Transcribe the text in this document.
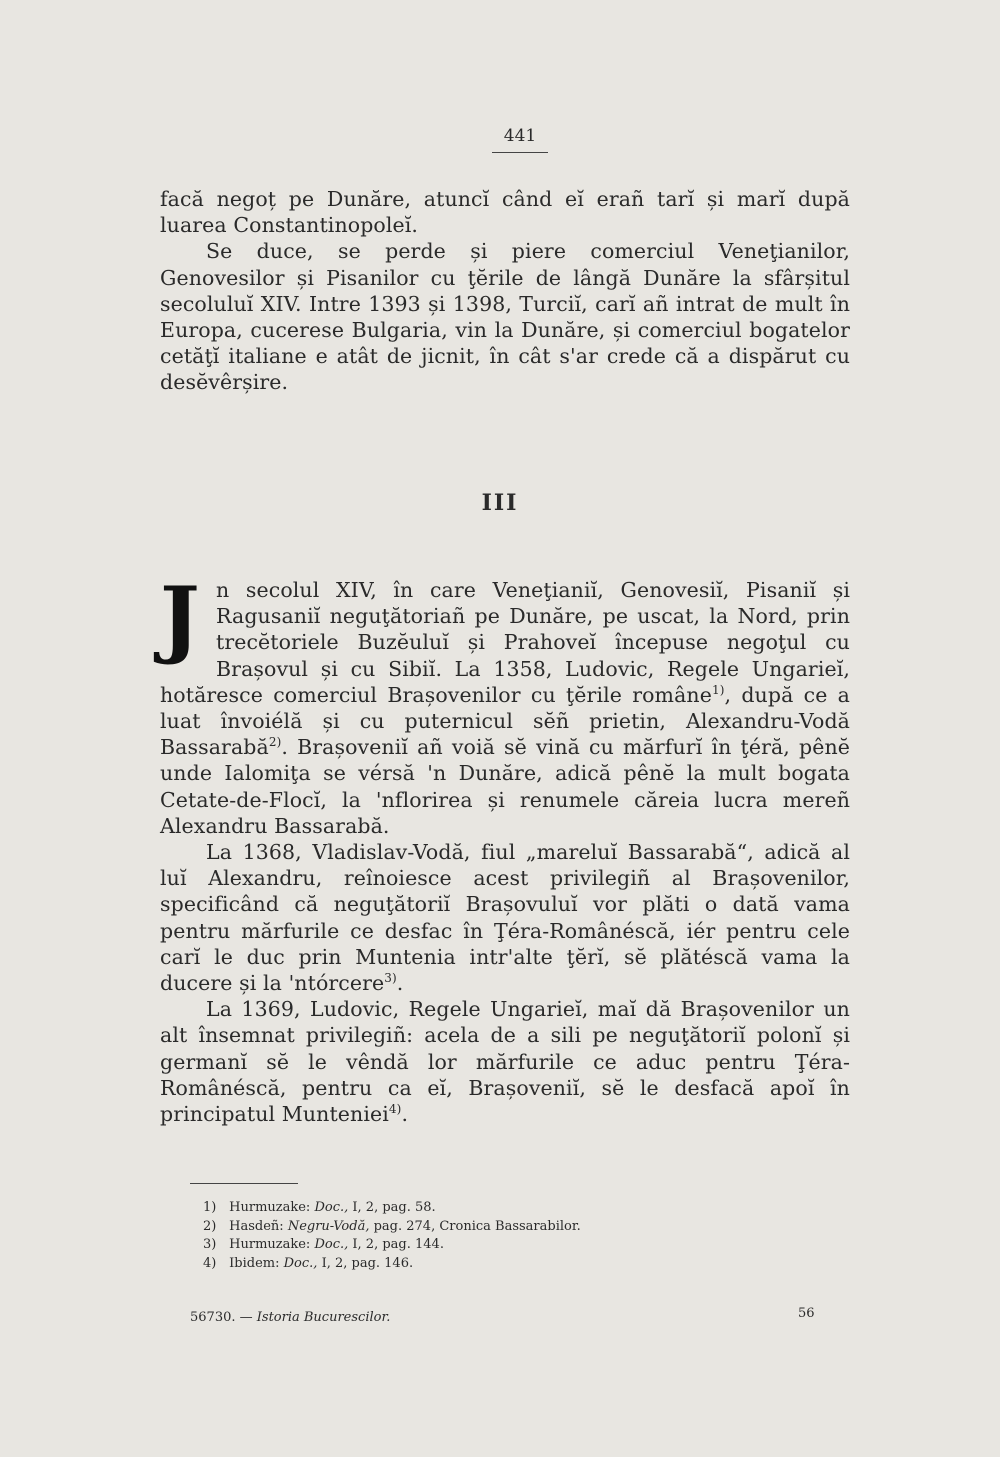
441

facă negoț pe Dunăre, atuncĭ când eĭ erañ tarĭ și marĭ după luarea Constantinopoleĭ.

Se duce, se perde și piere comerciul Veneţianilor, Genovesilor și Pisanilor cu ţĕrile de lângă Dunăre la sfârșitul secoluluĭ XIV. Intre 1393 și 1398, Turciĭ, carĭ añ intrat de mult în Europa, cucerese Bulgaria, vin la Dunăre, și comerciul bogatelor cetăţĭ italiane e atât de jicnit, în cât s'ar crede că a dispărut cu desĕvêrșire.

III
J n secolul XIV, în care Veneţianiĭ, Genovesiĭ, Pisaniĭ și Ragusaniĭ neguţătoriañ pe Dunăre, pe uscat, la Nord, prin trecĕtoriele Buzĕuluĭ și Prahoveĭ începuse negoţul cu Brașovul și cu Sibiĭ. La 1358, Ludovic, Regele Ungarieĭ, hotăresce comerciul Brașovenilor cu ţĕrile române$^{1)}$, după ce a luat învoiélă și cu puternicul sĕñ prietin, Alexandru-Vodă Bassarabă$^{2)}$. Brașoveniĭ añ voiă sĕ vină cu mărfurĭ în ţéră, pênĕ unde Ialomiţa se vérsă 'n Dunăre, adică pênĕ la mult bogata Cetate-de-Flocĭ, la 'nflorirea și renumele căreia lucra mereñ Alexandru Bassarabă.

La 1368, Vladislav-Vodă, fiul „mareluĭ Bassarabă“, adică al luĭ Alexandru, reînoiesce acest privilegiñ al Brașovenilor, specificând că neguţătoriĭ Brașovuluĭ vor plăti o dată vama pentru mărfurile ce desfac în Ţéra-Românéscă, iér pentru cele carĭ le duc prin Muntenia intr'alte ţĕrĭ, sĕ plătéscă vama la ducere și la 'ntórcere$^{3)}$.

La 1369, Ludovic, Regele Ungarieĭ, maĭ dă Brașovenilor un alt însemnat privilegiñ: acela de a sili pe neguţătoriĭ polonĭ și germanĭ sĕ le vêndă lor mărfurile ce aduc pentru Ţéra-Românéscă, pentru ca eĭ, Brașoveniĭ, sĕ le desfacă apoĭ în principatul Munteniei$^{4)}$.

1) Hurmuzake: Doc., I, 2, pag. 58.
2) Hasdeñ: Negru-Vodă, pag. 274, Cronica Bassarabilor.
3) Hurmuzake: Doc., I, 2, pag. 144.
4) Ibidem: Doc., I, 2, pag. 146.
56730. — Istoria Bucurescilor.	56
